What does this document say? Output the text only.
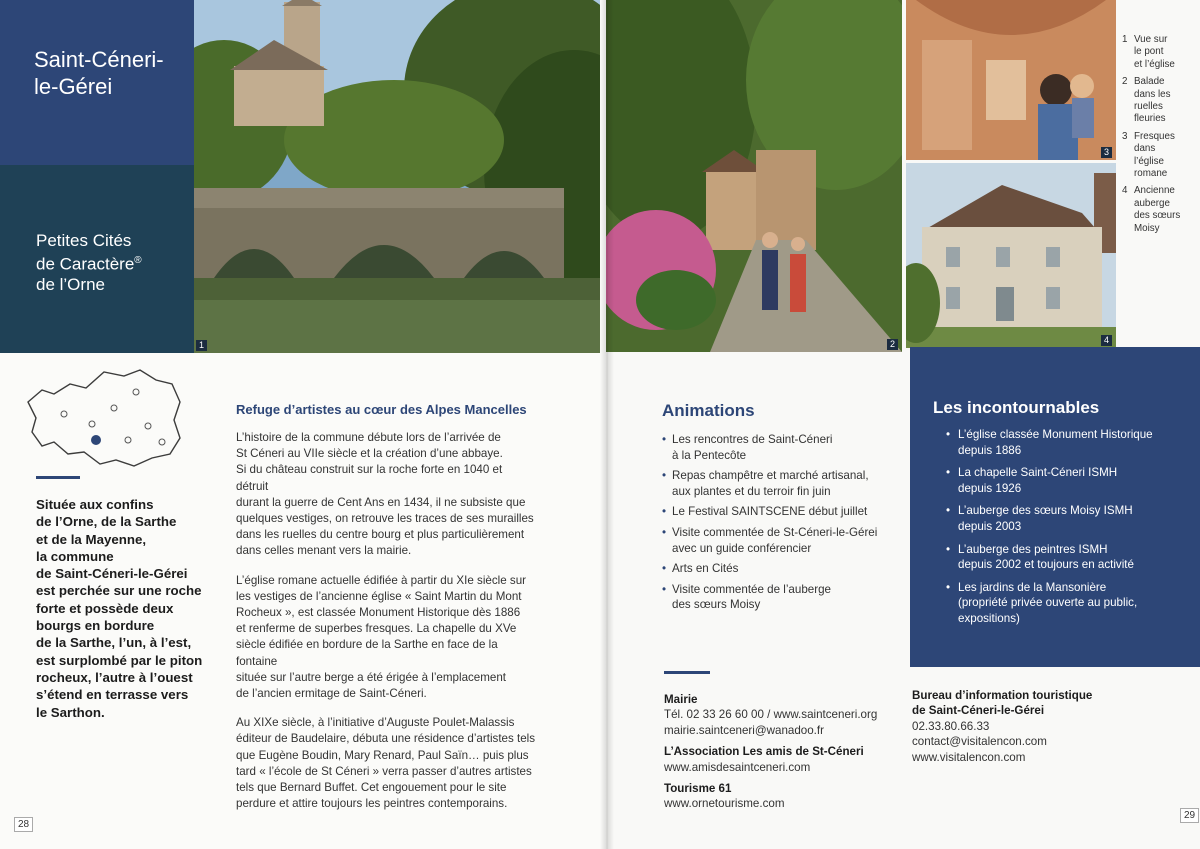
Saint-Céneri-
le-Gérei
Petites Cités
de Caractère®
de l’Orne
1
Située aux confins
de l’Orne, de la Sarthe
et de la Mayenne,
la commune
de Saint-Céneri-le-Gérei
est perchée sur une roche
forte et possède deux
bourgs en bordure
de la Sarthe, l’un, à l’est,
est surplombé par le piton
rocheux, l’autre à l’ouest
s’étend en terrasse vers
le Sarthon.
Refuge d’artistes au cœur des Alpes Mancelles

L’histoire de la commune débute lors de l’arrivée de
St Céneri au VIIe siècle et la création d’une abbaye.
Si du château construit sur la roche forte en 1040 et détruit
durant la guerre de Cent Ans en 1434, il ne subsiste que
quelques vestiges, on retrouve les traces de ses murailles
dans les ruelles du centre bourg et plus particulièrement
dans celles menant vers la mairie.

L’église romane actuelle édifiée à partir du XIe siècle sur
les vestiges de l’ancienne église « Saint Martin du Mont
Rocheux », est classée Monument Historique dès 1886
et renferme de superbes fresques. La chapelle du XVe
siècle édifiée en bordure de la Sarthe en face de la fontaine
située sur l’autre berge a été érigée à l’emplacement
de l’ancien ermitage de Saint-Céneri.

Au XIXe siècle, à l’initiative d’Auguste Poulet-Malassis
éditeur de Baudelaire, débuta une résidence d’artistes tels
que Eugène Boudin, Mary Renard, Paul Saïn… puis plus
tard « l’école de St Céneri » verra passer d’autres artistes
tels que Bernard Buffet. Cet engouement pour le site
perdure et attire toujours les peintres contemporains.

28
2
3
4
1 Vue sur
le pont
et l’église
2 Balade
dans les
ruelles
fleuries
3 Fresques
dans
l’église
romane
4 Ancienne
auberge
des sœurs
Moisy
Animations
• Les rencontres de Saint-Céneri
à la Pentecôte
• Repas champêtre et marché artisanal,
aux plantes et du terroir fin juin
• Le Festival SAINTSCENE début juillet
• Visite commentée de St-Céneri-le-Gérei
avec un guide conférencier
• Arts en Cités
• Visite commentée de l’auberge
des sœurs Moisy
Les incontournables
• L’église classée Monument Historique
depuis 1886
• La chapelle Saint-Céneri ISMH
depuis 1926
• L’auberge des sœurs Moisy ISMH
depuis 2003
• L’auberge des peintres ISMH
depuis 2002 et toujours en activité
• Les jardins de la Mansonière
(propriété privée ouverte au public,
expositions)
Mairie
Tél. 02 33 26 60 00 / www.saintceneri.org
mairie.saintceneri@wanadoo.fr
L’Association Les amis de St-Céneri
www.amisdesaintceneri.com
Tourisme 61
www.ornetourisme.com
Bureau d’information touristique
de Saint-Céneri-le-Gérei
02.33.80.66.33
contact@visitalencon.com
www.visitalencon.com
29
